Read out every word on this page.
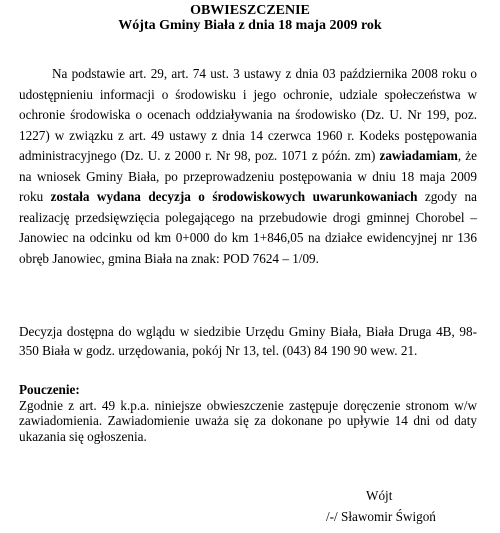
OBWIESZCZENIE
Wójta Gminy Biała z dnia 18 maja 2009 rok
Na podstawie art. 29, art. 74 ust. 3 ustawy z dnia 03 października 2008 roku o udostępnieniu informacji o środowisku i jego ochronie, udziale społeczeństwa w ochronie środowiska o ocenach oddziaływania na środowisko (Dz. U. Nr 199, poz. 1227) w związku z art. 49 ustawy z dnia 14 czerwca 1960 r. Kodeks postępowania administracyjnego (Dz. U. z 2000 r. Nr 98, poz. 1071 z późn. zm) zawiadamiam, że na wniosek Gminy Biała, po przeprowadzeniu postępowania w dniu 18 maja 2009 roku została wydana decyzja o środowiskowych uwarunkowaniach zgody na realizację przedsięwzięcia polegającego na przebudowie drogi gminnej Chorobel – Janowiec na odcinku od km 0+000 do km 1+846,05 na działce ewidencyjnej nr 136 obręb Janowiec, gmina Biała na znak: POD 7624 – 1/09.
Decyzja dostępna do wglądu w siedzibie Urzędu Gminy Biała, Biała Druga 4B, 98-350 Biała w godz. urzędowania, pokój Nr 13, tel. (043) 84 190 90 wew. 21.
Pouczenie:
Zgodnie z art. 49 k.p.a. niniejsze obwieszczenie zastępuje doręczenie stronom w/w zawiadomienia. Zawiadomienie uważa się za dokonane po upływie 14 dni od daty ukazania się ogłoszenia.
Wójt
/-/ Sławomir Świgoń
